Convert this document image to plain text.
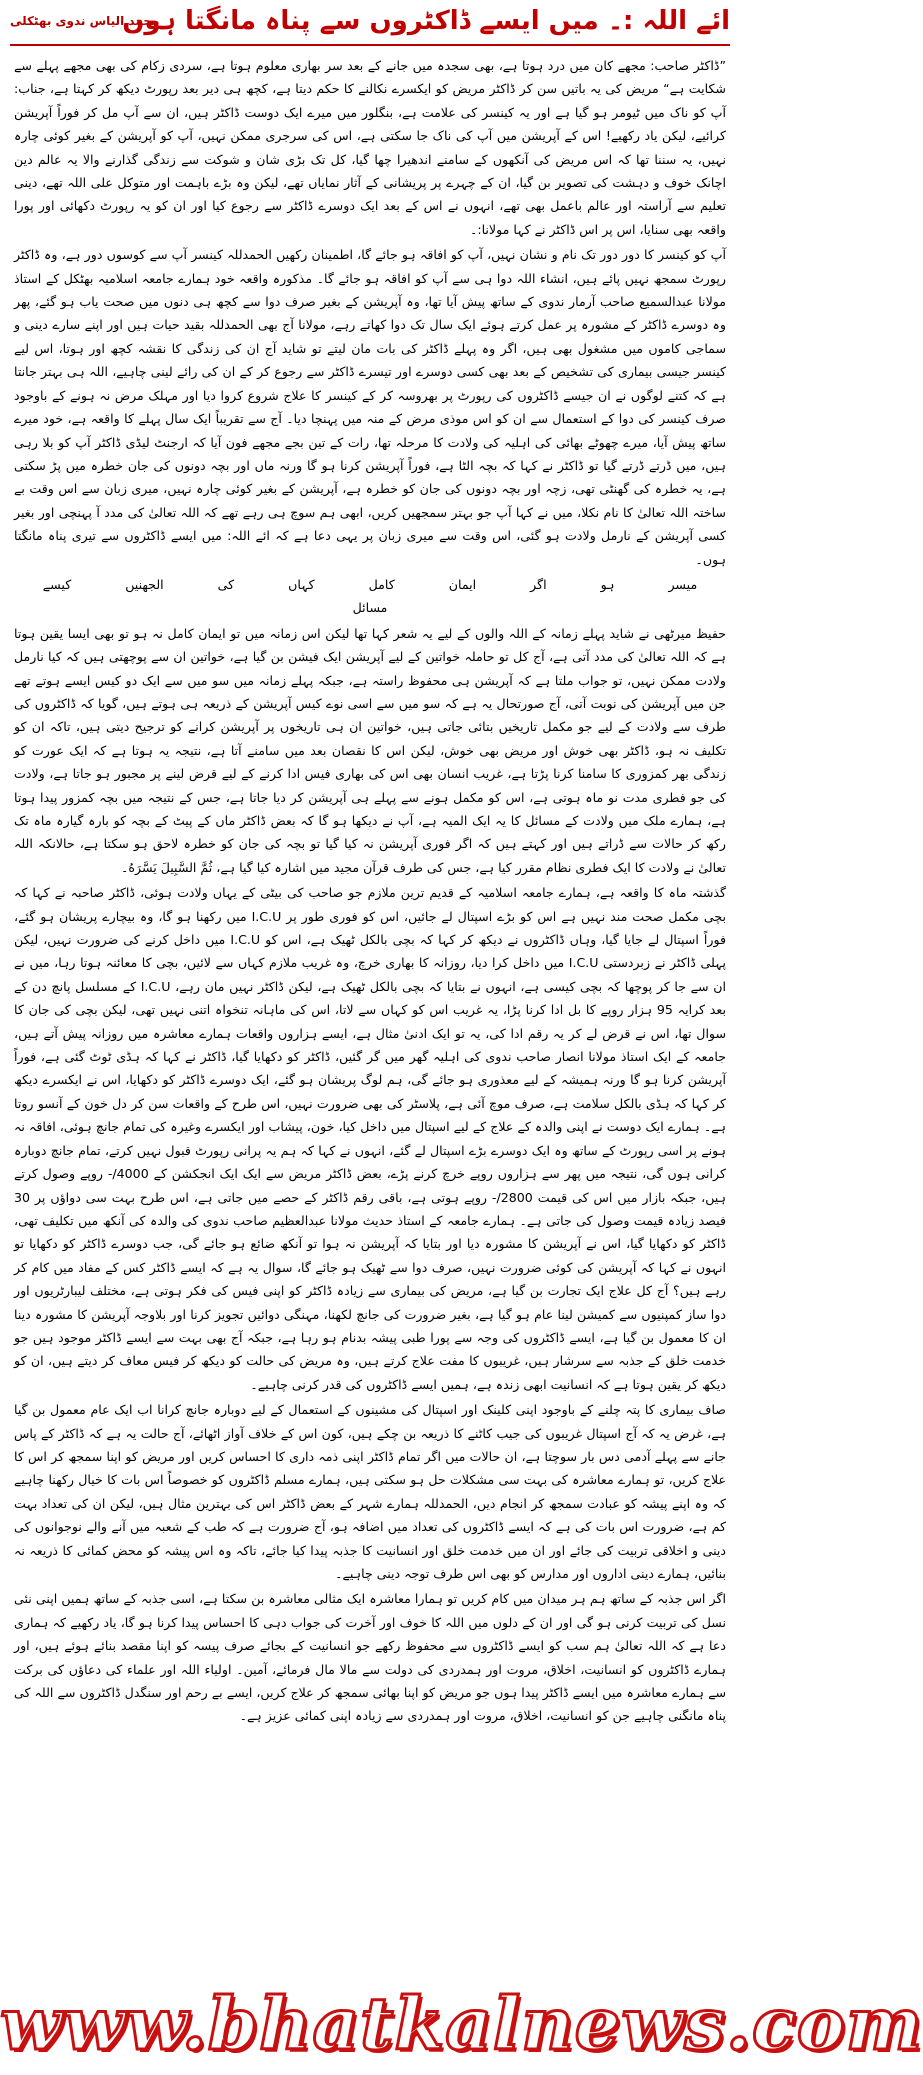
محمد الیاس ندوی بھٹکلی
ائے اللہ :۔ میں ایسے ڈاکٹروں سے پناہ مانگتا ہوں

”ڈاکٹر صاحب: مجھے کان میں درد ہوتا ہے، بھی سجدہ میں جانے کے بعد سر بھاری معلوم ہوتا ہے، سردی زکام کی بھی مجھے پہلے سے شکایت ہے“ مریض کی یہ باتیں سن کر ڈاکٹر مریض کو ایکسرے نکالنے کا حکم دیتا ہے، کچھ ہی دیر بعد رپورٹ دیکھ کر کہتا ہے، جناب: آپ کو ناک میں ٹیومر ہو گیا ہے اور یہ کینسر کی علامت ہے، بنگلور میں میرے ایک دوست ڈاکٹر ہیں، ان سے آپ مل کر فوراً آپریشن کرائیے، لیکن یاد رکھیے! اس کے آپریشن میں آپ کی ناک جا سکتی ہے، اس کی سرجری ممکن نہیں، آپ کو آپریشن کے بغیر کوئی چارہ نہیں، یہ سننا تھا کہ اس مریض کی آنکھوں کے سامنے اندھیرا چھا گیا، کل تک بڑی شان و شوکت سے زندگی گذارنے والا یہ عالم دین اچانک خوف و دہشت کی تصویر بن گیا، ان کے چہرے پر پریشانی کے آثار نمایاں تھے، لیکن وہ بڑے باہمت اور متوکل علی اللہ تھے، دینی تعلیم سے آراستہ اور عالم باعمل بھی تھے، انہوں نے اس کے بعد ایک دوسرے ڈاکٹر سے رجوع کیا اور ان کو یہ رپورٹ دکھائی اور پورا واقعہ بھی سنایا، اس پر اس ڈاکٹر نے کہا مولانا:۔

آپ کو کینسر کا دور دور تک نام و نشان نہیں، آپ کو افاقہ ہو جائے گا، اطمینان رکھیں الحمدللہ کینسر آپ سے کوسوں دور ہے، وہ ڈاکٹر رپورٹ سمجھ نہیں پائے ہیں، انشاء اللہ دوا ہی سے آپ کو افاقہ ہو جائے گا۔ مذکورہ واقعہ خود ہمارے جامعہ اسلامیہ بھٹکل کے استاذ مولانا عبدالسمیع صاحب آرمار ندوی کے ساتھ پیش آیا تھا، وہ آپریشن کے بغیر صرف دوا سے کچھ ہی دنوں میں صحت یاب ہو گئے، پھر وہ دوسرے ڈاکٹر کے مشورہ پر عمل کرتے ہوئے ایک سال تک دوا کھاتے رہے، مولانا آج بھی الحمدللہ بقید حیات ہیں اور اپنے سارے دینی و سماجی کاموں میں مشغول بھی ہیں، اگر وہ پہلے ڈاکٹر کی بات مان لیتے تو شاید آج ان کی زندگی کا نقشہ کچھ اور ہوتا، اس لیے کینسر جیسی بیماری کی تشخیص کے بعد بھی کسی دوسرے اور تیسرے ڈاکٹر سے رجوع کر کے ان کی رائے لینی چاہیے، اللہ ہی بہتر جانتا ہے کہ کتنے لوگوں نے ان جیسے ڈاکٹروں کی رپورٹ پر بھروسہ کر کے کینسر کا علاج شروع کروا دیا اور مہلک مرض نہ ہونے کے باوجود صرف کینسر کی دوا کے استعمال سے ان کو اس موذی مرض کے منہ میں پہنچا دیا۔ آج سے تقریباً ایک سال پہلے کا واقعہ ہے، خود میرے ساتھ پیش آیا، میرے چھوٹے بھائی کی اہلیہ کی ولادت کا مرحلہ تھا، رات کے تین بجے مجھے فون آیا کہ ارجنٹ لیڈی ڈاکٹر آپ کو بلا رہی ہیں، میں ڈرتے ڈرتے گیا تو ڈاکٹر نے کہا کہ بچہ الٹا ہے، فوراً آپریشن کرنا ہو گا ورنہ ماں اور بچہ دونوں کی جان خطرہ میں پڑ سکتی ہے، یہ خطرہ کی گھنٹی تھی، زچہ اور بچہ دونوں کی جان کو خطرہ ہے، آپریشن کے بغیر کوئی چارہ نہیں، میری زبان سے اس وقت بے ساختہ اللہ تعالیٰ کا نام نکلا، میں نے کہا آپ جو بہتر سمجھیں کریں، ابھی ہم سوچ ہی رہے تھے کہ اللہ تعالیٰ کی مدد آ پہنچی اور بغیر کسی آپریشن کے نارمل ولادت ہو گئی، اس وقت سے میری زبان پر یہی دعا ہے کہ ائے اللہ: میں ایسے ڈاکٹروں سے تیری پناہ مانگتا ہوں۔

میسر ہو اگر ایمان کامل کہاں کی الجھنیں کیسے مسائل

حفیظ میرٹھی نے شاید پہلے زمانہ کے اللہ والوں کے لیے یہ شعر کہا تھا لیکن اس زمانہ میں تو ایمان کامل نہ ہو تو بھی ایسا یقین ہوتا ہے کہ اللہ تعالیٰ کی مدد آتی ہے، آج کل تو حاملہ خواتین کے لیے آپریشن ایک فیشن بن گیا ہے، خواتین ان سے پوچھتی ہیں کہ کیا نارمل ولادت ممکن نہیں، تو جواب ملتا ہے کہ آپریشن ہی محفوظ راستہ ہے، جبکہ پہلے زمانہ میں سو میں سے ایک دو کیس ایسے ہوتے تھے جن میں آپریشن کی نوبت آتی، آج صورتحال یہ ہے کہ سو میں سے اسی نوے کیس آپریشن کے ذریعہ ہی ہوتے ہیں، گویا کہ ڈاکٹروں کی طرف سے ولادت کے لیے جو مکمل تاریخیں بتائی جاتی ہیں، خواتین ان ہی تاریخوں پر آپریشن کرانے کو ترجیح دیتی ہیں، تاکہ ان کو تکلیف نہ ہو، ڈاکٹر بھی خوش اور مریض بھی خوش، لیکن اس کا نقصان بعد میں سامنے آتا ہے، نتیجہ یہ ہوتا ہے کہ ایک عورت کو زندگی بھر کمزوری کا سامنا کرنا پڑتا ہے، غریب انسان بھی اس کی بھاری فیس ادا کرنے کے لیے قرض لینے پر مجبور ہو جاتا ہے، ولادت کی جو فطری مدت نو ماہ ہوتی ہے، اس کو مکمل ہونے سے پہلے ہی آپریشن کر دیا جاتا ہے، جس کے نتیجہ میں بچہ کمزور پیدا ہوتا ہے، ہمارے ملک میں ولادت کے مسائل کا یہ ایک المیہ ہے، آپ نے دیکھا ہو گا کہ بعض ڈاکٹر ماں کے پیٹ کے بچہ کو بارہ گیارہ ماہ تک رکھ کر حالات سے ڈراتے ہیں اور کہتے ہیں کہ اگر فوری آپریشن نہ کیا گیا تو بچہ کی جان کو خطرہ لاحق ہو سکتا ہے، حالانکہ اللہ تعالیٰ نے ولادت کا ایک فطری نظام مقرر کیا ہے، جس کی طرف قرآن مجید میں اشارہ کیا گیا ہے، ثُمَّ السَّبِيلَ يَسَّرَهُ۔

گذشتہ ماہ کا واقعہ ہے، ہمارے جامعہ اسلامیہ کے قدیم ترین ملازم جو صاحب کی بیٹی کے یہاں ولادت ہوئی، ڈاکٹر صاحبہ نے کہا کہ بچی مکمل صحت مند نہیں ہے اس کو بڑے اسپتال لے جائیں، اس کو فوری طور پر I.C.U میں رکھنا ہو گا، وہ بیچارے پریشان ہو گئے، فوراً اسپتال لے جایا گیا، وہاں ڈاکٹروں نے دیکھ کر کہا کہ بچی بالکل ٹھیک ہے، اس کو I.C.U میں داخل کرنے کی ضرورت نہیں، لیکن پہلی ڈاکٹر نے زبردستی I.C.U میں داخل کرا دیا، روزانہ کا بھاری خرچ، وہ غریب ملازم کہاں سے لائیں، بچی کا معائنہ ہوتا رہا، میں نے ان سے جا کر پوچھا کہ بچی کیسی ہے، انہوں نے بتایا کہ بچی بالکل ٹھیک ہے، لیکن ڈاکٹر نہیں مان رہے، I.C.U کے مسلسل پانچ دن کے بعد کرایہ 95 ہزار روپے کا بل ادا کرنا پڑا، یہ غریب اس کو کہاں سے لاتا، اس کی ماہانہ تنخواہ اتنی نہیں تھی، لیکن بچی کی جان کا سوال تھا، اس نے قرض لے کر یہ رقم ادا کی، یہ تو ایک ادنیٰ مثال ہے، ایسے ہزاروں واقعات ہمارے معاشرہ میں روزانہ پیش آتے ہیں، جامعہ کے ایک استاذ مولانا انصار صاحب ندوی کی اہلیہ گھر میں گر گئیں، ڈاکٹر کو دکھایا گیا، ڈاکٹر نے کہا کہ ہڈی ٹوٹ گئی ہے، فوراً آپریشن کرنا ہو گا ورنہ ہمیشہ کے لیے معذوری ہو جائے گی، ہم لوگ پریشان ہو گئے، ایک دوسرے ڈاکٹر کو دکھایا، اس نے ایکسرے دیکھ کر کہا کہ ہڈی بالکل سلامت ہے، صرف موچ آئی ہے، پلاسٹر کی بھی ضرورت نہیں، اس طرح کے واقعات سن کر دل خون کے آنسو روتا ہے۔ ہمارے ایک دوست نے اپنی والدہ کے علاج کے لیے اسپتال میں داخل کیا، خون، پیشاب اور ایکسرے وغیرہ کی تمام جانچ ہوئی، افاقہ نہ ہونے پر اسی رپورٹ کے ساتھ وہ ایک دوسرے بڑے اسپتال لے گئے، انہوں نے کہا کہ ہم یہ پرانی رپورٹ قبول نہیں کرتے، تمام جانچ دوبارہ کرانی ہوں گی، نتیجہ میں پھر سے ہزاروں روپے خرچ کرنے پڑے، بعض ڈاکٹر مریض سے ایک ایک انجکشن کے 4000/- روپے وصول کرتے ہیں، جبکہ بازار میں اس کی قیمت 2800/- روپے ہوتی ہے، باقی رقم ڈاکٹر کے حصے میں جاتی ہے، اس طرح بہت سی دواؤں پر 30 فیصد زیادہ قیمت وصول کی جاتی ہے۔ ہمارے جامعہ کے استاذ حدیث مولانا عبدالعظیم صاحب ندوی کی والدہ کی آنکھ میں تکلیف تھی، ڈاکٹر کو دکھایا گیا، اس نے آپریشن کا مشورہ دیا اور بتایا کہ آپریشن نہ ہوا تو آنکھ ضائع ہو جائے گی، جب دوسرے ڈاکٹر کو دکھایا تو انہوں نے کہا کہ آپریشن کی کوئی ضرورت نہیں، صرف دوا سے ٹھیک ہو جائے گا، سوال یہ ہے کہ ایسے ڈاکٹر کس کے مفاد میں کام کر رہے ہیں؟ آج کل علاج ایک تجارت بن گیا ہے، مریض کی بیماری سے زیادہ ڈاکٹر کو اپنی فیس کی فکر ہوتی ہے، مختلف لیبارٹریوں اور دوا ساز کمپنیوں سے کمیشن لینا عام ہو گیا ہے، بغیر ضرورت کی جانچ لکھنا، مہنگی دوائیں تجویز کرنا اور بلاوجہ آپریشن کا مشورہ دینا ان کا معمول بن گیا ہے، ایسے ڈاکٹروں کی وجہ سے پورا طبی پیشہ بدنام ہو رہا ہے، جبکہ آج بھی بہت سے ایسے ڈاکٹر موجود ہیں جو خدمت خلق کے جذبہ سے سرشار ہیں، غریبوں کا مفت علاج کرتے ہیں، وہ مریض کی حالت کو دیکھ کر فیس معاف کر دیتے ہیں، ان کو دیکھ کر یقین ہوتا ہے کہ انسانیت ابھی زندہ ہے، ہمیں ایسے ڈاکٹروں کی قدر کرنی چاہیے۔

صاف بیماری کا پتہ چلنے کے باوجود اپنی کلینک اور اسپتال کی مشینوں کے استعمال کے لیے دوبارہ جانچ کرانا اب ایک عام معمول بن گیا ہے، غرض یہ کہ آج اسپتال غریبوں کی جیب کاٹنے کا ذریعہ بن چکے ہیں، کون اس کے خلاف آواز اٹھائے، آج حالت یہ ہے کہ ڈاکٹر کے پاس جانے سے پہلے آدمی دس بار سوچتا ہے، ان حالات میں اگر تمام ڈاکٹر اپنی ذمہ داری کا احساس کریں اور مریض کو اپنا سمجھ کر اس کا علاج کریں، تو ہمارے معاشرہ کی بہت سی مشکلات حل ہو سکتی ہیں، ہمارے مسلم ڈاکٹروں کو خصوصاً اس بات کا خیال رکھنا چاہیے کہ وہ اپنے پیشہ کو عبادت سمجھ کر انجام دیں، الحمدللہ ہمارے شہر کے بعض ڈاکٹر اس کی بہترین مثال ہیں، لیکن ان کی تعداد بہت کم ہے، ضرورت اس بات کی ہے کہ ایسے ڈاکٹروں کی تعداد میں اضافہ ہو، آج ضرورت ہے کہ طب کے شعبہ میں آنے والے نوجوانوں کی دینی و اخلاقی تربیت کی جائے اور ان میں خدمت خلق اور انسانیت کا جذبہ پیدا کیا جائے، تاکہ وہ اس پیشہ کو محض کمائی کا ذریعہ نہ بنائیں، ہمارے دینی اداروں اور مدارس کو بھی اس طرف توجہ دینی چاہیے۔

اگر اس جذبہ کے ساتھ ہم ہر میدان میں کام کریں تو ہمارا معاشرہ ایک مثالی معاشرہ بن سکتا ہے، اسی جذبہ کے ساتھ ہمیں اپنی نئی نسل کی تربیت کرنی ہو گی اور ان کے دلوں میں اللہ کا خوف اور آخرت کی جواب دہی کا احساس پیدا کرنا ہو گا، یاد رکھیے کہ ہماری دعا ہے کہ اللہ تعالیٰ ہم سب کو ایسے ڈاکٹروں سے محفوظ رکھے جو انسانیت کے بجائے صرف پیسہ کو اپنا مقصد بنائے ہوئے ہیں، اور ہمارے ڈاکٹروں کو انسانیت، اخلاق، مروت اور ہمدردی کی دولت سے مالا مال فرمائے، آمین۔ اولیاء اللہ اور علماء کی دعاؤں کی برکت سے ہمارے معاشرہ میں ایسے ڈاکٹر پیدا ہوں جو مریض کو اپنا بھائی سمجھ کر علاج کریں، ایسے بے رحم اور سنگدل ڈاکٹروں سے اللہ کی پناہ مانگنی چاہیے جن کو انسانیت، اخلاق، مروت اور ہمدردی سے زیادہ اپنی کمائی عزیز ہے۔

www.bhatkalnews.com
